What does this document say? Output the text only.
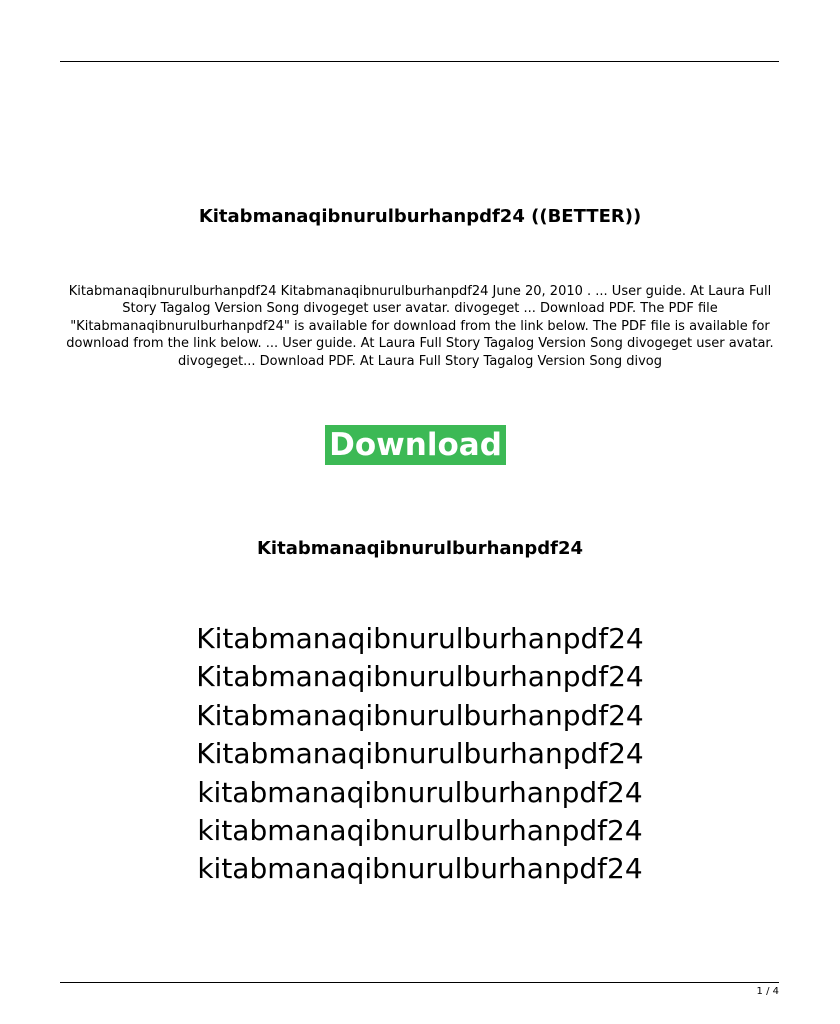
Kitabmanaqibnurulburhanpdf24 ((BETTER))

Kitabmanaqibnurulburhanpdf24 Kitabmanaqibnurulburhanpdf24 June 20, 2010 . ... User guide. At Laura Full Story Tagalog Version Song divogeget user avatar. divogeget ... Download PDF. The PDF file "Kitabmanaqibnurulburhanpdf24" is available for download from the link below. The PDF file is available for download from the link below. ... User guide. At Laura Full Story Tagalog Version Song divogeget user avatar. divogeget... Download PDF. At Laura Full Story Tagalog Version Song divog

Download
Kitabmanaqibnurulburhanpdf24
Kitabmanaqibnurulburhanpdf24
Kitabmanaqibnurulburhanpdf24
Kitabmanaqibnurulburhanpdf24
Kitabmanaqibnurulburhanpdf24
kitabmanaqibnurulburhanpdf24
kitabmanaqibnurulburhanpdf24
kitabmanaqibnurulburhanpdf24
1 / 4
